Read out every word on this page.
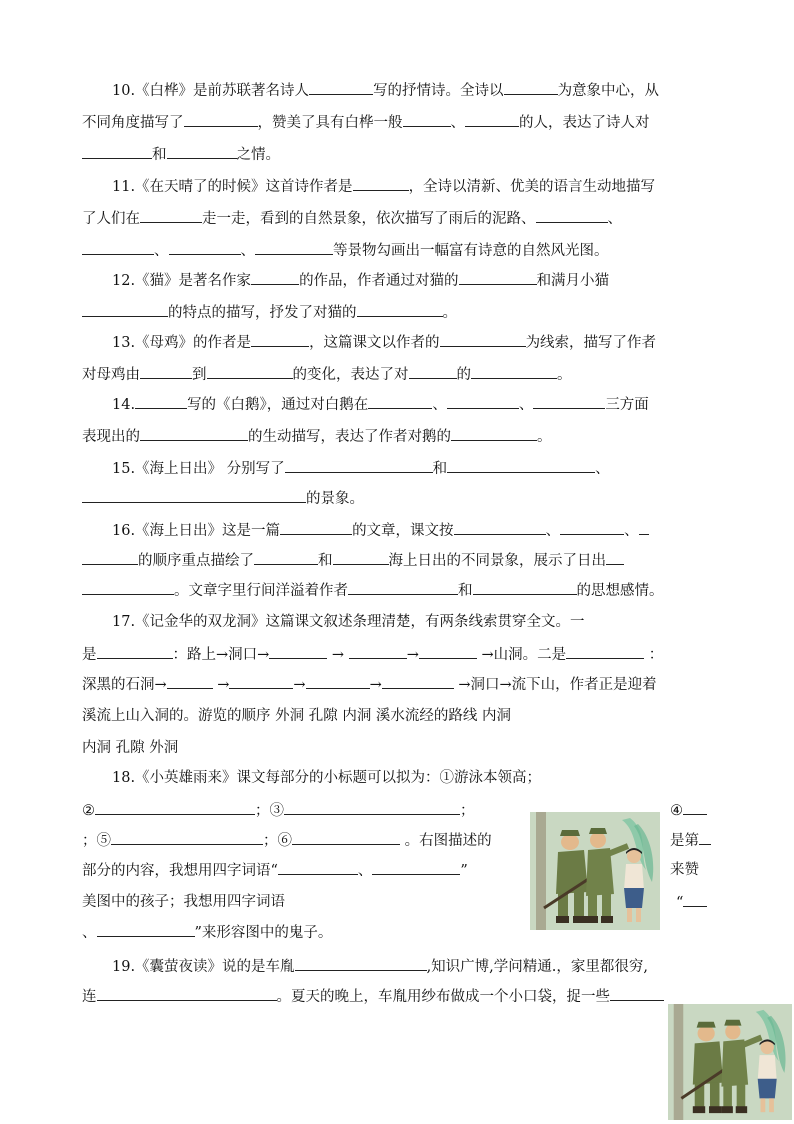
10.《白桦》是前苏联著名诗人	写的抒情诗。全诗以	为意象中心，从
不同角度描写了	，赞美了具有白桦一般	、	的人，表达了诗人对
和	之情。
11.《在天晴了的时候》这首诗作者是	，全诗以清新、优美的语言生动地描写
了人们在	走一走，看到的自然景象，依次描写了雨后的泥路、	、
、	、	等景物勾画出一幅富有诗意的自然风光图。
12.《猫》是著名作家	的作品，作者通过对猫的	和满月小猫
的特点的描写，抒发了对猫的	。
13.《母鸡》的作者是	，这篇课文以作者的	为线索，描写了作者
对母鸡由	到	的变化，表达了对	的	。
14.	写的《白鹅》，通过对白鹅在	、	、	三方面
表现出的	的生动描写，表达了作者对鹅的	。
15.《海上日出》 分别写了	和	、
的景象。
16.《海上日出》这是一篇	的文章，课文按	、	、
的顺序重点描绘了	和	海上日出的不同景象，展示了日出
。文章字里行间洋溢着作者	和	的思想感情。
17.《记金华的双龙洞》这篇课文叙述条理清楚，有两条线索贯穿全文。一
是	：路上→洞口→	→	→	→山洞。二是	：
深黑的石洞→	→	→	→	→洞口→流下山，作者正是迎着
溪流上山入洞的。游览的顺序 外洞 孔隙 内洞 溪水流经的路线 内洞
内洞 孔隙 外洞
18.《小英雄雨来》课文每部分的小标题可以拟为：①游泳本领高；
②	；③	；
；⑤	；⑥	。右图描述的
部分的内容，我想用四字词语“	、	”
美图中的孩子；我想用四字词语
、	”来形容图中的鬼子。
19.《囊萤夜读》说的是车胤	,知识广博,学问精通.，家里都很穷,
连	。夏天的晚上，车胤用纱布做成一个小口袋，捉一些
④
是第
来赞
“
